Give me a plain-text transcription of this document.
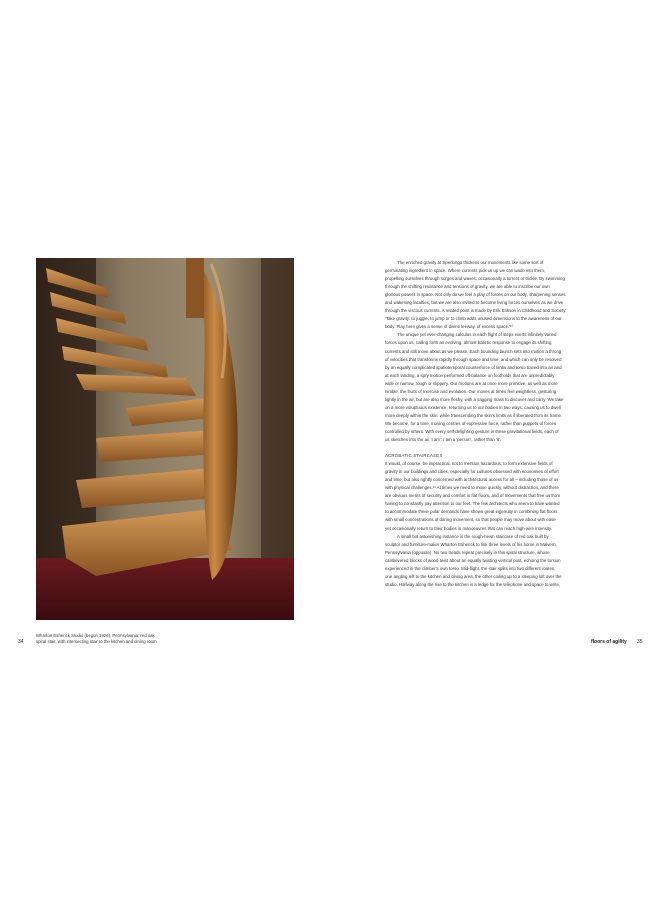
Wharton Esherick Studio (begun 1926), Pennsylvania; red oak
spiral stair, with intersecting stair to the kitchen and dining room
34	floors of agility 35
The enriched gravity at Sperlonga thickens our movements like some sort of
germinating ingredient in space. Where currents pick us up we can wade into them,
propelling ourselves through surges and waves, occasionally a torrent or trickle. By swimming
through the shifting resistance and tensions of gravity, we are able to inscribe our own
glorious powers in space. Not only do we feel a play of forces on our body, sharpening senses
and wakening faculties, but we are also invited to become living forces ourselves as we drive
through the viscous currents. A related point is made by Erik Erikson in Childhood and Society:
'Take gravity: to juggle, to jump or to climb adds unused dimensions to the awareness of our
body. Play here gives a sense of divine leeway, of excess space.'¹⁰
The unique yet ever-changing calculus in each flight of steps exerts infinitely varied
forces upon us, calling forth an evolving, almost balletic response to engage its shifting
currents and still move about as we please. Each bounding launch sets into motion a throng
of velocities that transforms rapidly through space and time, and which can only be resolved
by an equally complicated spatiotemporal counterforce of limbs and torso traced into air and
at each landing, a spry motion performed off-balance on footholds that are unpredictably
wide or narrow, rough or slippery. Our motions are at once more primitive, as well as more
nimble, the fruits of exercise and evolution. Our moves at times feel weightless, gesturing
lightly in the air, but are also more fleshy, with a sagging mass to discover and carry. We take
on a more voluptuous existence, returning us to our bodies in two ways: causing us to dwell
more deeply within the skin, while transcending the skin's limits as if liberated from its frame.
We become, for a time, moving centres of expressive force, rather than puppets of forces
controlled by others. With every self-delighting gesture in these gravitational fields, each of
us sketches into the air 'I am': I am a 'person', rather than 'it'.
ACROBATIC STAIRCASES
It would, of course, be impractical, not to mention hazardous, to form extensive fields of
gravity in our buildings and cities, especially for cultures obsessed with economies of effort
and time, but also rightly concerned with architectural access for all – including those of us
with physical challenges.¹¹ At times we need to move quickly, without distraction, and there
are obvious merits of security and comfort in flat floors, and of movements that free us from
having to constantly pay attention to our feet. The few architects who seem to have wanted
to accommodate these polar demands have shown great ingenuity in combining flat floors
with small concentrations of daring movement, so that people may move about with ease
yet occasionally return to their bodies in manoeuvres that can reach high-wire intensity.
A small but astonishing instance is the rough-hewn staircase of red oak built by
sculptor and furniture-maker Wharton Esherick to link three levels of his home in Malvern,
Pennsylvania (opposite). No two treads repeat precisely in this spiral structure, whose
cantilevered blocks of wood twist about an equally twisting vertical post, echoing the torsion
experienced in the climber's own torso. Mid-flight, the stair splits into two different routes,
one angling left to the kitchen and dining area, the other coiling up to a sleeping loft over the
studio. Halfway along the rise to the kitchen is a ledge for the telephone and space to write,
